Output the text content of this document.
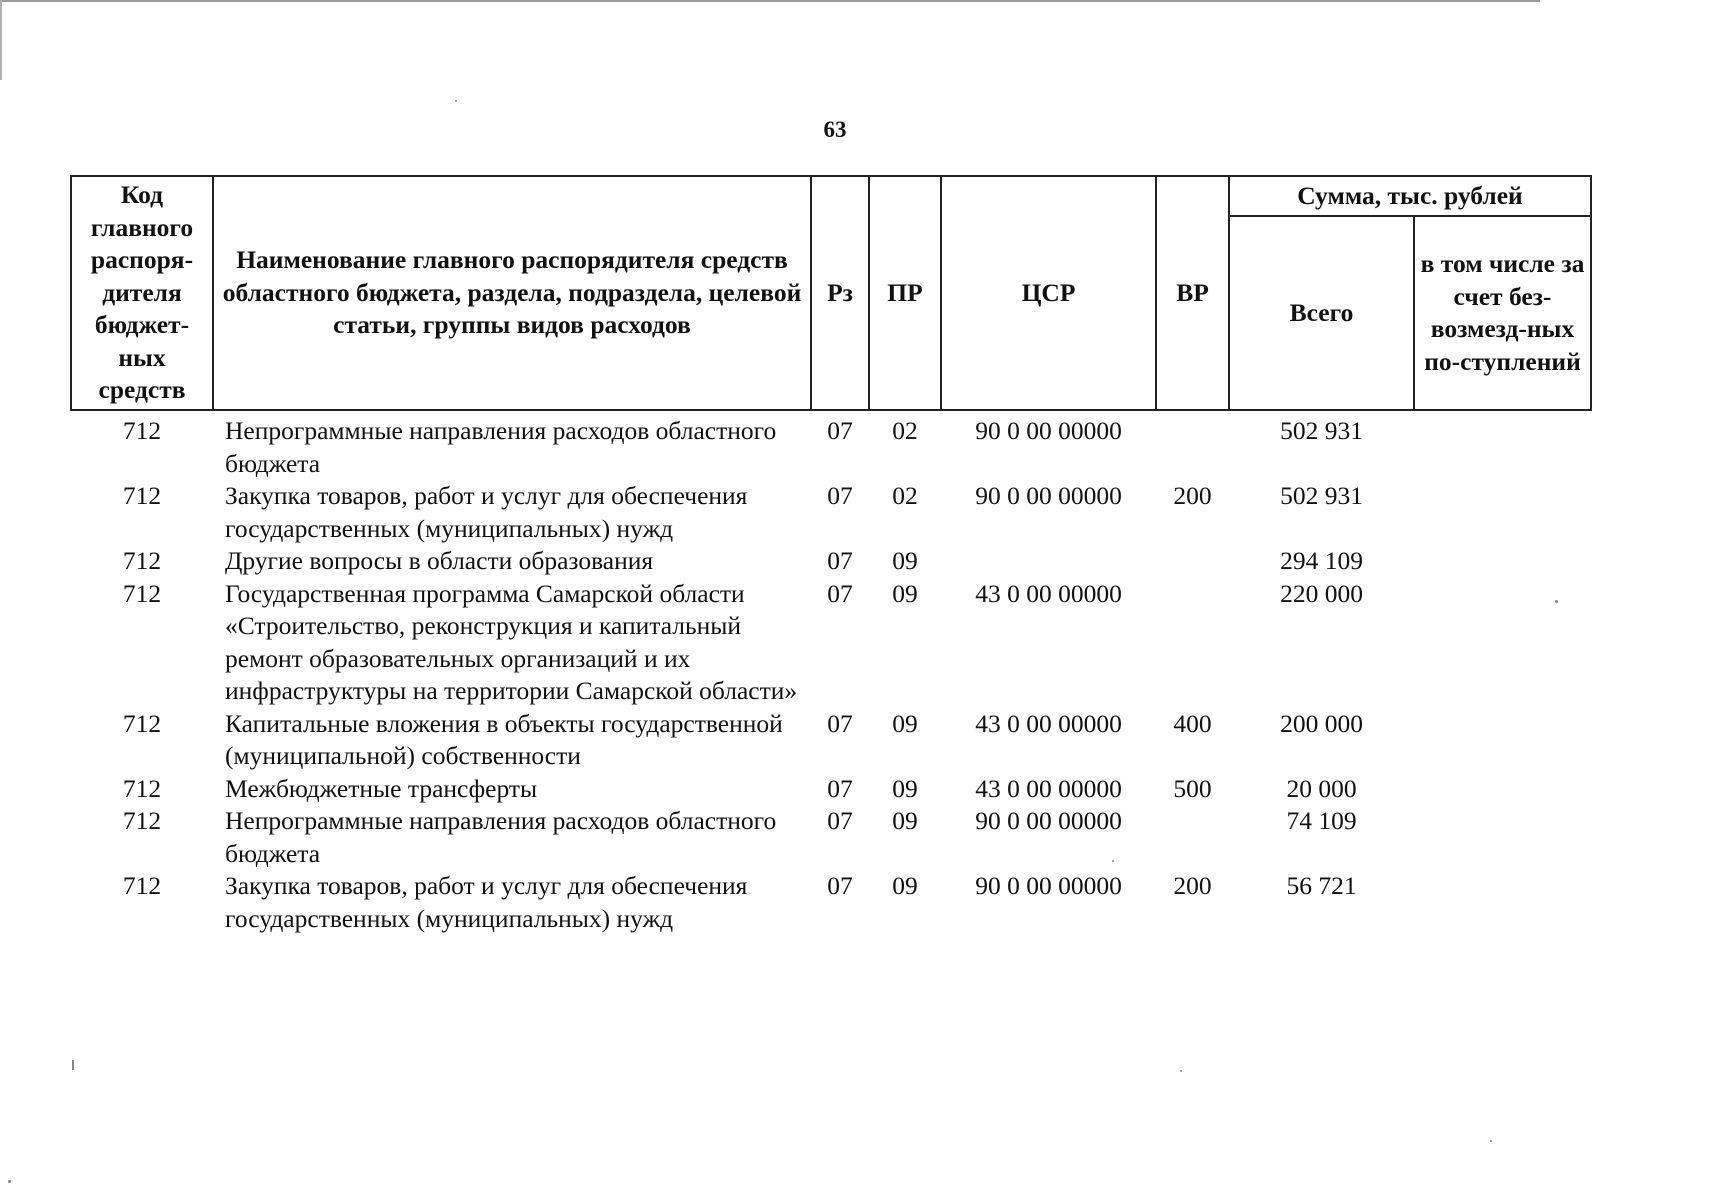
63
Код главного распоря-дителя бюджет-ных средств	Наименование главного распорядителя средств областного бюджета, раздела, подраздела, целевой статьи, группы видов расходов	Рз	ПР	ЦСР	ВР	Сумма, тыс. рублей	
						Всего	в том числе за счет без-возмезд-ных по-ступлений
712	Непрограммные направления расходов областного бюджета	07	02	90 0 00 00000		502 931	
712	Закупка товаров, работ и услуг для обеспечения государственных (муниципальных) нужд	07	02	90 0 00 00000	200	502 931	
712	Другие вопросы в области образования	07	09			294 109	
712	Государственная программа Самарской области «Строительство, реконструкция и капитальный ремонт образовательных организаций и их инфраструктуры на территории Самарской области»	07	09	43 0 00 00000		220 000	
712	Капитальные вложения в объекты государственной (муниципальной) собственности	07	09	43 0 00 00000	400	200 000	
712	Межбюджетные трансферты	07	09	43 0 00 00000	500	20 000	
712	Непрограммные направления расходов областного бюджета	07	09	90 0 00 00000		74 109	
712	Закупка товаров, работ и услуг для обеспечения государственных (муниципальных) нужд	07	09	90 0 00 00000	200	56 721	
